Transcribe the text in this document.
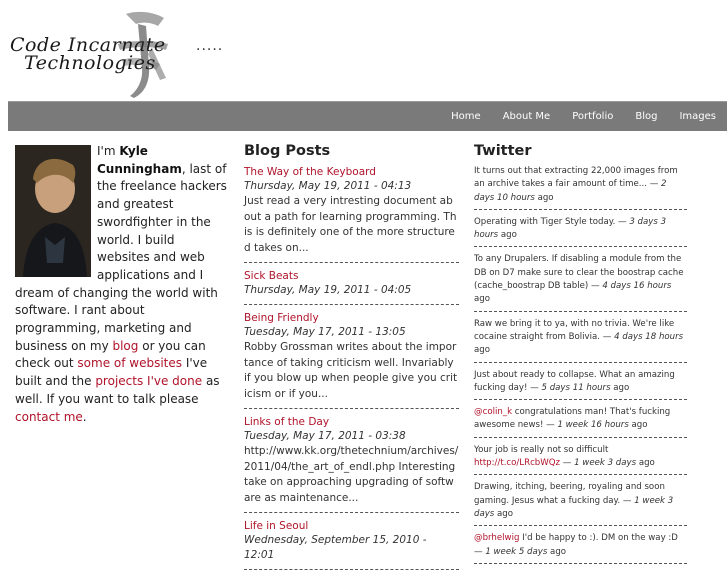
Code Incarnate
Technologies
.....
Home	About Me	Portfolio	Blog	Images

I'm Kyle Cunningham, last of the freelance hackers and greatest swordfighter in the world. I build websites and web applications and I dream of changing the world with software. I rant about programming, marketing and business on my blog or you can check out some of websites I've built and the projects I've done as well. If you want to talk please contact me.

Blog Posts
The Way of the Keyboard
Thursday, May 19, 2011 - 04:13
Just read a very intresting document about a path for learning programming. This is definitely one of the more structured takes on...
Sick Beats
Thursday, May 19, 2011 - 04:05
Being Friendly
Tuesday, May 17, 2011 - 13:05
Robby Grossman writes about the importance of taking criticism well. Invariably if you blow up when people give you criticism or if you...
Links of the Day
Tuesday, May 17, 2011 - 03:38
http://www.kk.org/thetechnium/archives/2011/04/the_art_of_endl.php Interesting take on approaching upgrading of software as maintenance...
Life in Seoul
Wednesday, September 15, 2010 - 12:01
Twitter
It turns out that extracting 22,000 images from an archive takes a fair amount of time... — 2 days 10 hours ago
Operating with Tiger Style today. — 3 days 3 hours ago
To any Drupalers. If disabling a module from the DB on D7 make sure to clear the boostrap cache (cache_boostrap DB table) — 4 days 16 hours ago
Raw we bring it to ya, with no trivia. We're like cocaine straight from Bolivia. — 4 days 18 hours ago
Just about ready to collapse. What an amazing fucking day! — 5 days 11 hours ago
@colin_k congratulations man! That's fucking awesome news! — 1 week 16 hours ago
Your job is really not so difficult http://t.co/LRcbWQz — 1 week 3 days ago
Drawing, itching, beering, royaling and soon gaming. Jesus what a fucking day. — 1 week 3 days ago
@brhelwig I'd be happy to :). DM on the way :D — 1 week 5 days ago
